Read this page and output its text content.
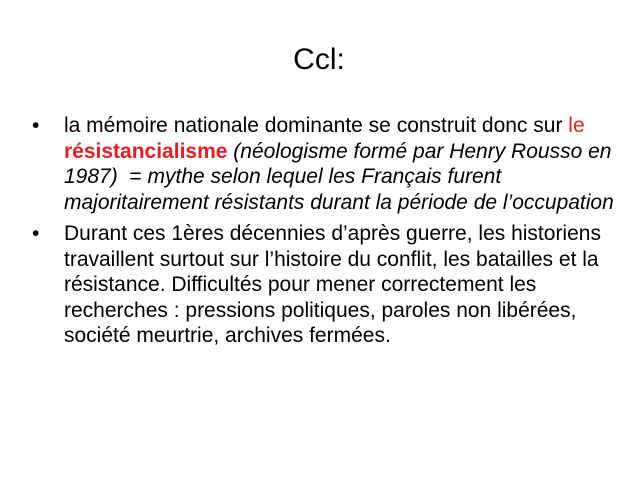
Ccl:
•	la mémoire nationale dominante se construit donc sur le résistancialisme (néologisme formé par Henry Rousso en 1987)  = mythe selon lequel les Français furent majoritairement résistants durant la période de l’occupation
•	Durant ces 1ères décennies d’après guerre, les historiens travaillent surtout sur l’histoire du conflit, les batailles et la résistance. Difficultés pour mener correctement les recherches : pressions politiques, paroles non libérées, société meurtrie, archives fermées.
